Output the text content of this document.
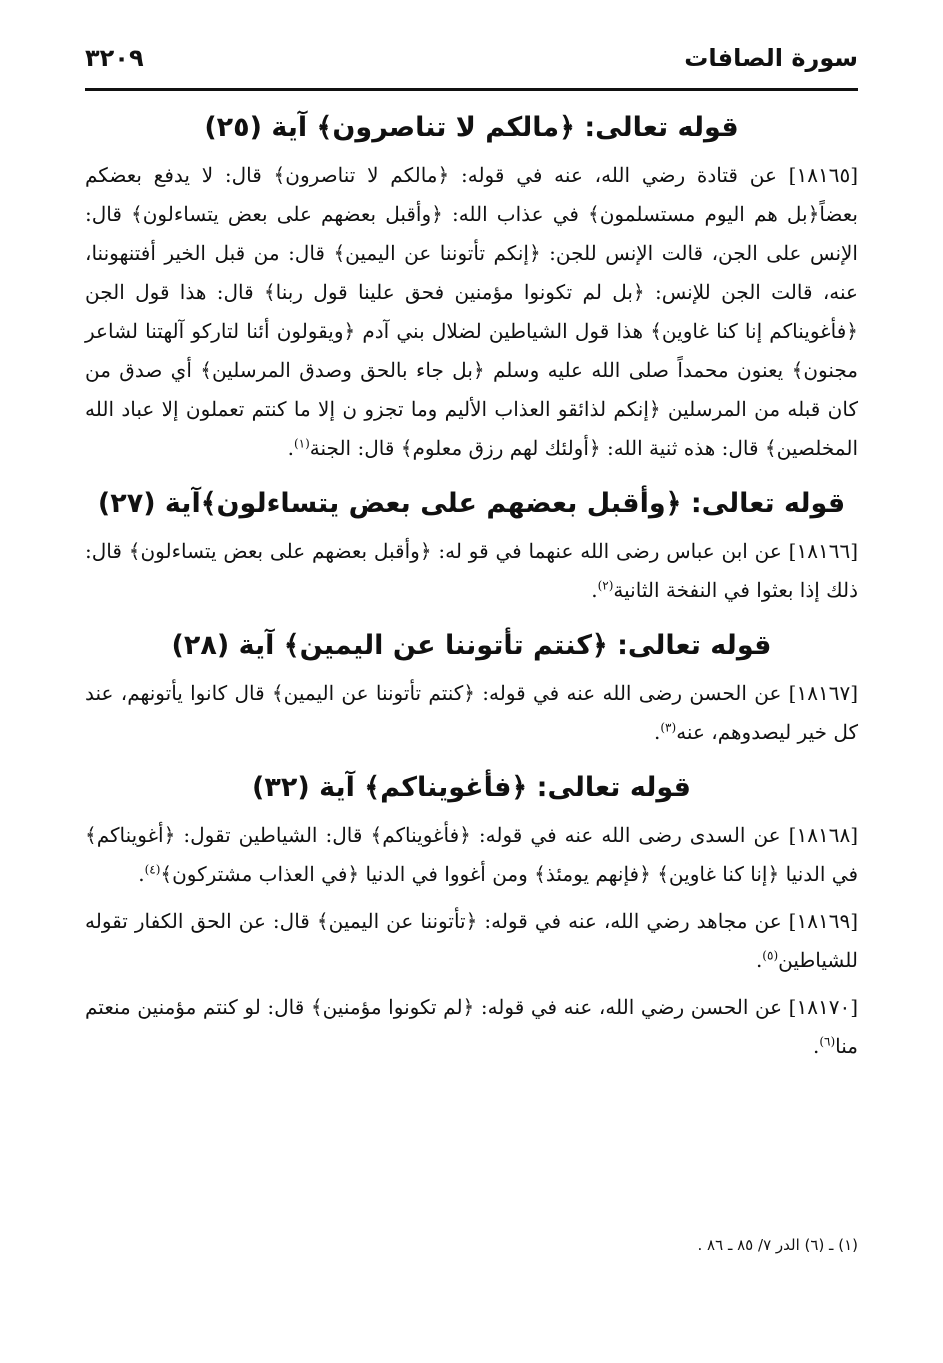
سورة الصافات
٣٢٠٩
قوله تعالى: ﴿مالكم لا تناصرون﴾ آية (٢٥)

[١٨١٦٥] عن قتادة رضي الله، عنه في قوله: ﴿مالكم لا تناصرون﴾ قال: لا يدفع بعضكم بعضاً﴿بل هم اليوم مستسلمون﴾ في عذاب الله: ﴿وأقبل بعضهم على بعض يتساءلون﴾ قال: الإنس على الجن، قالت الإنس للجن: ﴿إنكم تأتوننا عن اليمين﴾ قال: من قبل الخير أفتنهوننا، عنه، قالت الجن للإنس: ﴿بل لم تكونوا مؤمنين فحق علينا قول ربنا﴾ قال: هذا قول الجن ﴿فأغويناكم إنا كنا غاوين﴾ هذا قول الشياطين لضلال بني آدم ﴿ويقولون أئنا لتاركو آلهتنا لشاعر مجنون﴾ يعنون محمداً صلى الله عليه وسلم ﴿بل جاء بالحق وصدق المرسلين﴾ أي صدق من كان قبله من المرسلين ﴿إنكم لذائقو العذاب الأليم وما تجزو ن إلا ما كنتم تعملون إلا عباد الله المخلصين﴾ قال: هذه ثنية الله: ﴿أولئك لهم رزق معلوم﴾ قال: الجنة$^{(١)}$.

قوله تعالى: ﴿وأقبل بعضهم على بعض يتساءلون﴾آية (٢٧)

[١٨١٦٦] عن ابن عباس رضى الله عنهما في قو له: ﴿وأقبل بعضهم على بعض يتساءلون﴾ قال: ذلك إذا بعثوا في النفخة الثانية$^{(٢)}$.

قوله تعالى: ﴿كنتم تأتوننا عن اليمين﴾ آية (٢٨)

[١٨١٦٧] عن الحسن رضى الله عنه في قوله: ﴿كنتم تأتوننا عن اليمين﴾ قال كانوا يأتونهم، عند كل خير ليصدوهم، عنه$^{(٣)}$.

قوله تعالى: ﴿فأغويناكم﴾ آية (٣٢)

[١٨١٦٨] عن السدى رضى الله عنه في قوله: ﴿فأغويناكم﴾ قال: الشياطين تقول: ﴿أغويناكم﴾ في الدنيا ﴿إنا كنا غاوين﴾ ﴿فإنهم يومئذ﴾ ومن أغووا في الدنيا ﴿في العذاب مشتركون﴾$^{(٤)}$.

[١٨١٦٩] عن مجاهد رضي الله، عنه في قوله: ﴿تأتوننا عن اليمين﴾ قال: عن الحق الكفار تقوله للشياطين$^{(٥)}$.

[١٨١٧٠] عن الحسن رضي الله، عنه في قوله: ﴿لم تكونوا مؤمنين﴾ قال: لو كنتم مؤمنين منعتم منا$^{(٦)}$.

(١) ـ (٦) الدر ٧/ ٨٥ ـ ٨٦ .
